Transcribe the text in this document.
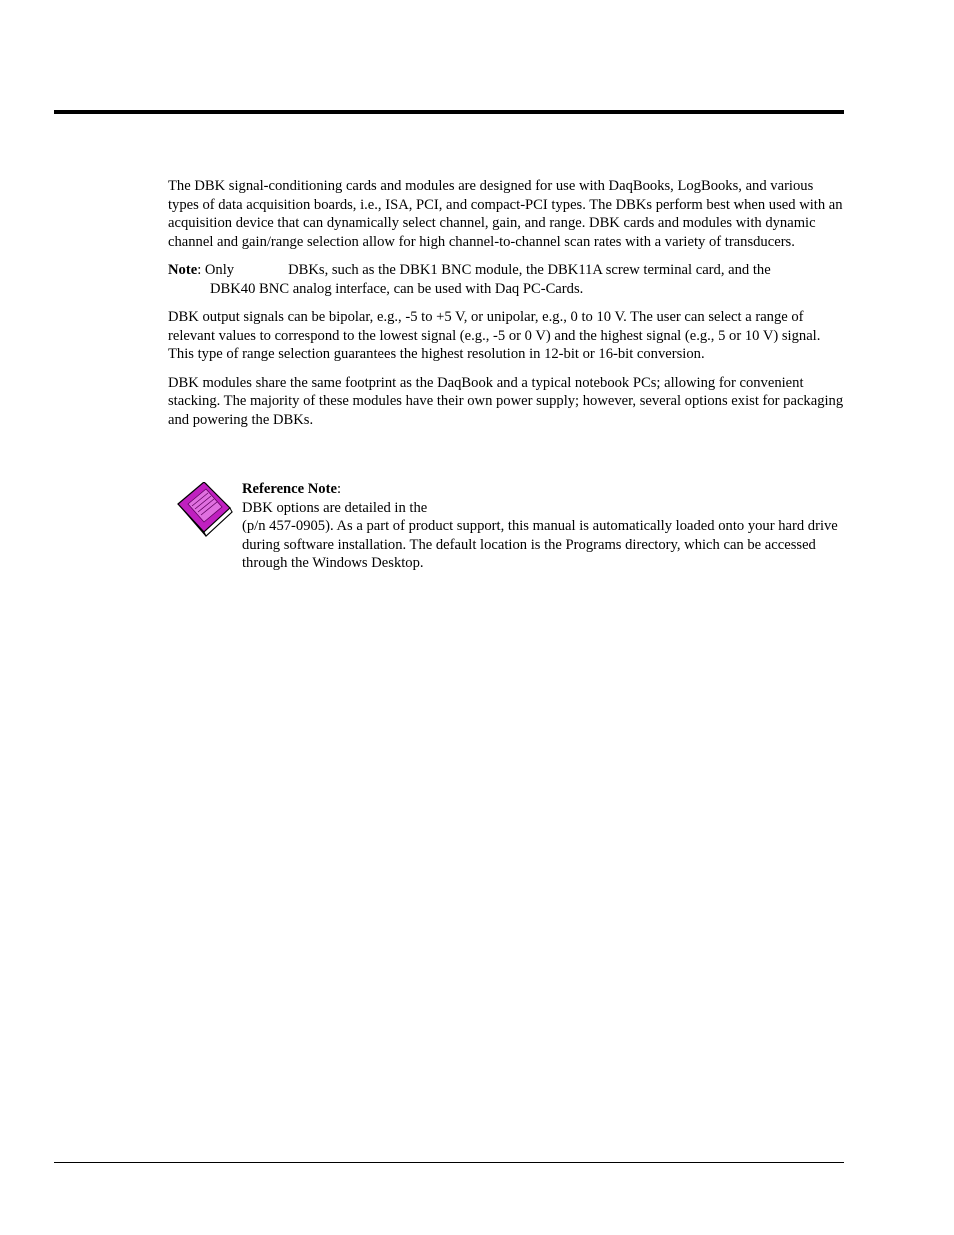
The DBK signal-conditioning cards and modules are designed for use with DaqBooks, LogBooks, and various types of data acquisition boards, i.e., ISA, PCI, and compact-PCI types. The DBKs perform best when used with an acquisition device that can dynamically select channel, gain, and range. DBK cards and modules with dynamic channel and gain/range selection allow for high channel-to-channel scan rates with a variety of transducers.

Note: Only	DBKs, such as the DBK1 BNC module, the DBK11A screw terminal card, and the
DBK40 BNC analog interface, can be used with Daq PC-Cards.

DBK output signals can be bipolar, e.g., -5 to +5 V, or unipolar, e.g., 0 to 10 V. The user can select a range of relevant values to correspond to the lowest signal (e.g., -5 or 0 V) and the highest signal (e.g., 5 or 10 V) signal. This type of range selection guarantees the highest resolution in 12-bit or 16-bit conversion.

DBK modules share the same footprint as the DaqBook and a typical notebook PCs; allowing for convenient stacking. The majority of these modules have their own power supply; however, several options exist for packaging and powering the DBKs.

Reference Note:
DBK options are detailed in the
(p/n 457-0905). As a part of product support, this manual is automatically loaded onto your hard drive during software installation. The default location is the Programs directory, which can be accessed through the Windows Desktop.
